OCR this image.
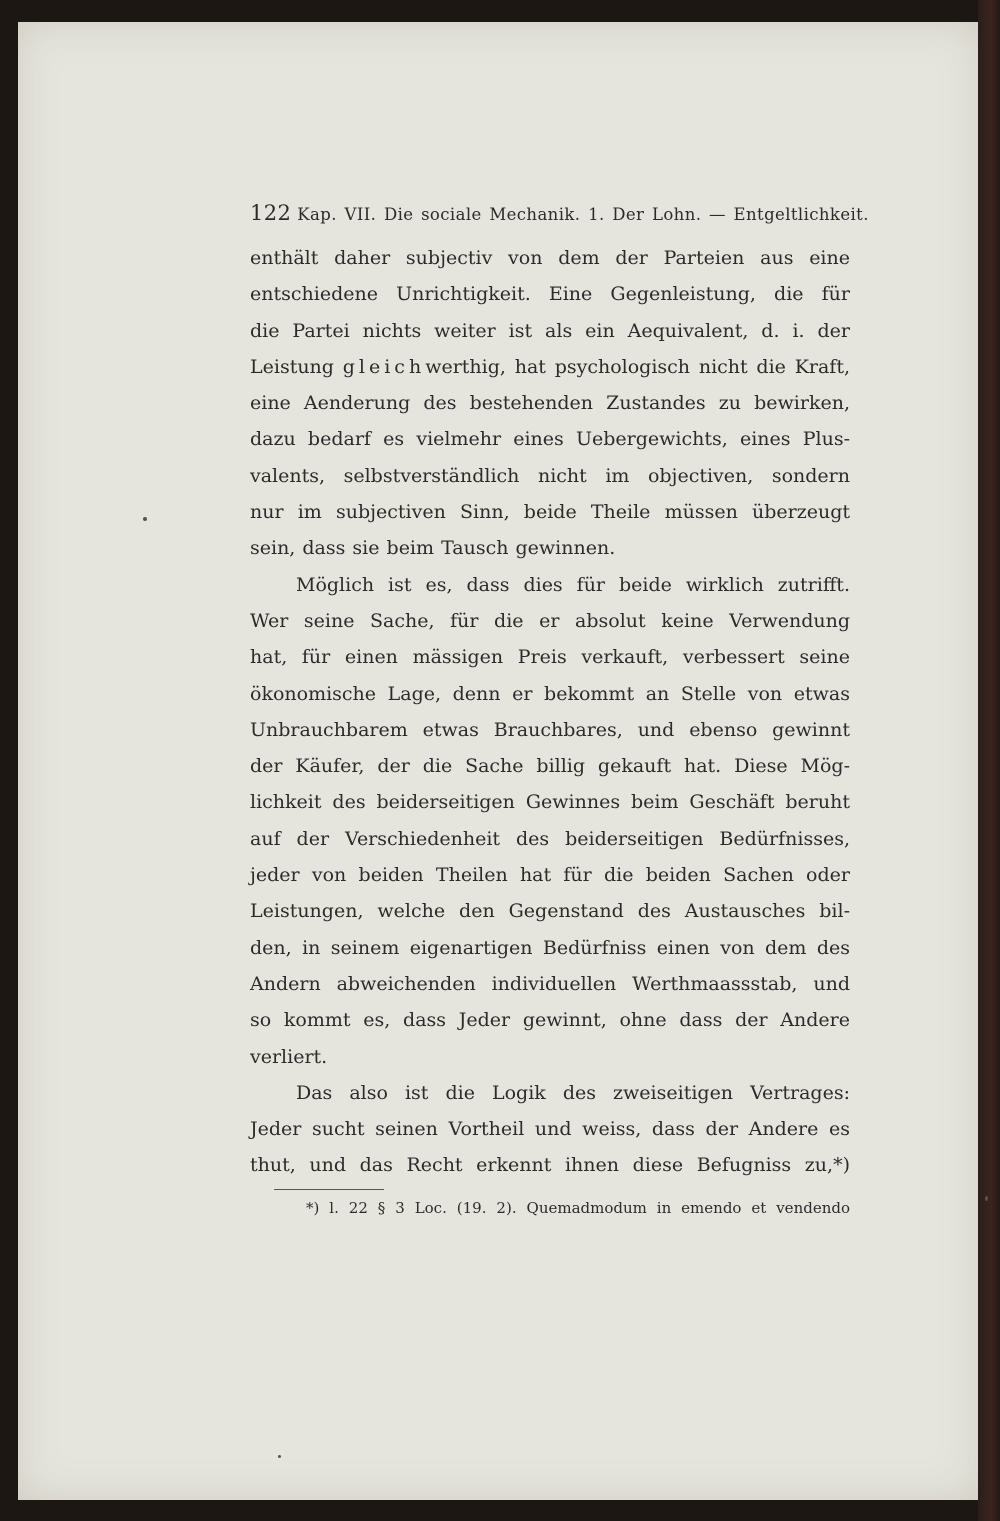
122 Kap. VII. Die sociale Mechanik. 1. Der Lohn. — Entgeltlichkeit.
enthält daher subjectiv von dem der Parteien aus eine
entschiedene Unrichtigkeit. Eine Gegenleistung, die für
die Partei nichts weiter ist als ein Aequivalent, d. i. der
Leistung gleichwerthig, hat psychologisch nicht die Kraft,
eine Aenderung des bestehenden Zustandes zu bewirken,
dazu bedarf es vielmehr eines Uebergewichts, eines Plus-
valents, selbstverständlich nicht im objectiven, sondern
nur im subjectiven Sinn, beide Theile müssen überzeugt
sein, dass sie beim Tausch gewinnen.
Möglich ist es, dass dies für beide wirklich zutrifft.
Wer seine Sache, für die er absolut keine Verwendung
hat, für einen mässigen Preis verkauft, verbessert seine
ökonomische Lage, denn er bekommt an Stelle von etwas
Unbrauchbarem etwas Brauchbares, und ebenso gewinnt
der Käufer, der die Sache billig gekauft hat. Diese Mög-
lichkeit des beiderseitigen Gewinnes beim Geschäft beruht
auf der Verschiedenheit des beiderseitigen Bedürfnisses,
jeder von beiden Theilen hat für die beiden Sachen oder
Leistungen, welche den Gegenstand des Austausches bil-
den, in seinem eigenartigen Bedürfniss einen von dem des
Andern abweichenden individuellen Werthmaassstab, und
so kommt es, dass Jeder gewinnt, ohne dass der Andere
verliert.
Das also ist die Logik des zweiseitigen Vertrages:
Jeder sucht seinen Vortheil und weiss, dass der Andere es
thut, und das Recht erkennt ihnen diese Befugniss zu,*)
*) l. 22 § 3 Loc. (19. 2). Quemadmodum in emendo et vendendo
